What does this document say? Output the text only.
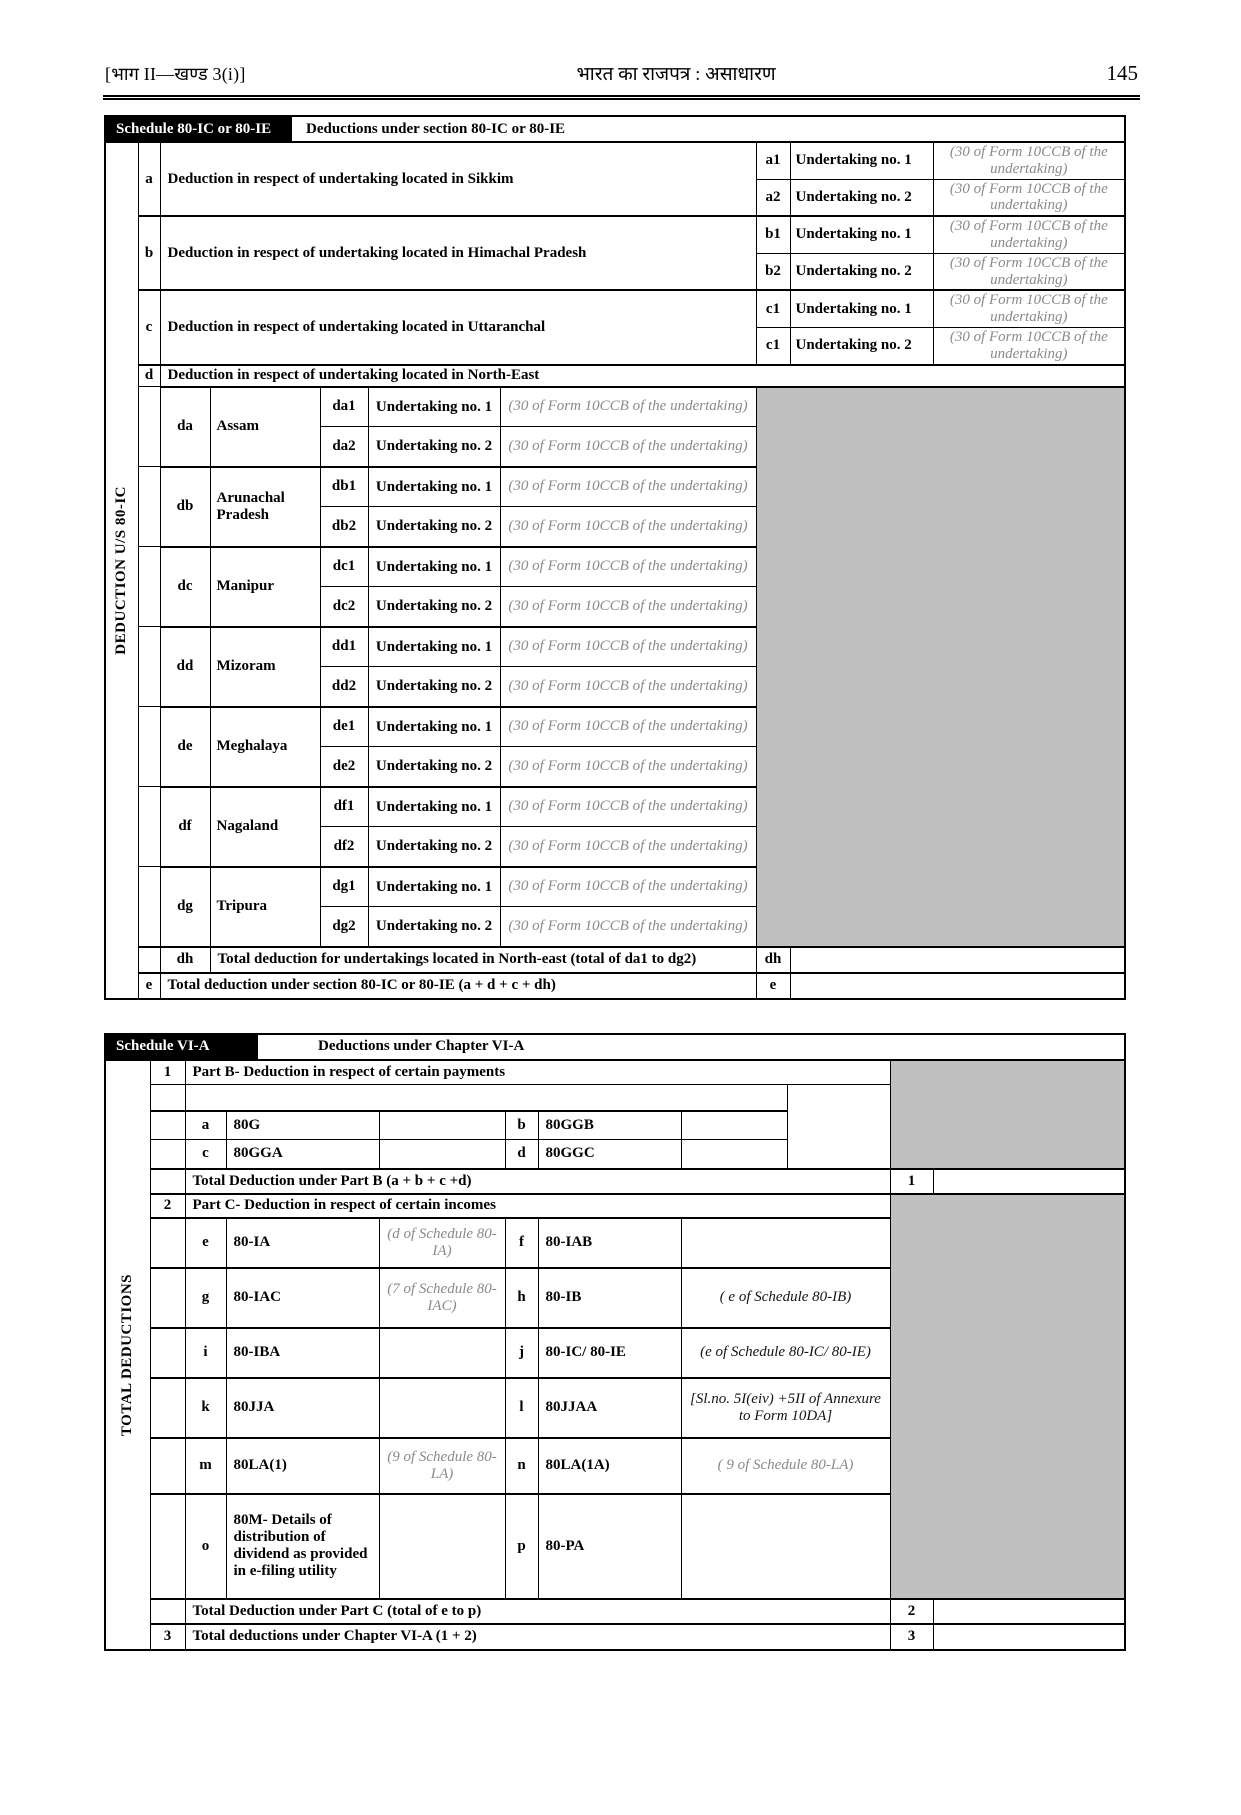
[भाग II—खण्ड 3(i)]	भारत का राजपत्र : असाधारण	145
Schedule 80-IC or 80-IE Deductions under section 80-IC or 80-IE									

DEDUCTION U/S 80-IC	a	Deduction in respect of undertaking located in Sikkim					a1	Undertaking no. 1	(30 of Form 10CCB of the undertaking)
							a2	Undertaking no. 2	(30 of Form 10CCB of the undertaking)
	b	Deduction in respect of undertaking located in Himachal Pradesh					b1	Undertaking no. 1	(30 of Form 10CCB of the undertaking)
							b2	Undertaking no. 2	(30 of Form 10CCB of the undertaking)
	c	Deduction in respect of undertaking located in Uttaranchal					c1	Undertaking no. 1	(30 of Form 10CCB of the undertaking)
							c1	Undertaking no. 2	(30 of Form 10CCB of the undertaking)
	d	Deduction in respect of undertaking located in North-East							
		da	Assam	da1	Undertaking no. 1	(30 of Form 10CCB of the undertaking)			
				da2	Undertaking no. 2	(30 of Form 10CCB of the undertaking)			
		db	Arunachal Pradesh	db1	Undertaking no. 1	(30 of Form 10CCB of the undertaking)			
				db2	Undertaking no. 2	(30 of Form 10CCB of the undertaking)			
		dc	Manipur	dc1	Undertaking no. 1	(30 of Form 10CCB of the undertaking)			
				dc2	Undertaking no. 2	(30 of Form 10CCB of the undertaking)			
		dd	Mizoram	dd1	Undertaking no. 1	(30 of Form 10CCB of the undertaking)			
				dd2	Undertaking no. 2	(30 of Form 10CCB of the undertaking)			
		de	Meghalaya	de1	Undertaking no. 1	(30 of Form 10CCB of the undertaking)			
				de2	Undertaking no. 2	(30 of Form 10CCB of the undertaking)			
		df	Nagaland	df1	Undertaking no. 1	(30 of Form 10CCB of the undertaking)			
				df2	Undertaking no. 2	(30 of Form 10CCB of the undertaking)			
		dg	Tripura	dg1	Undertaking no. 1	(30 of Form 10CCB of the undertaking)			
				dg2	Undertaking no. 2	(30 of Form 10CCB of the undertaking)			
		dh	Total deduction for undertakings located in North-east (total of da1 to dg2)				dh		
	e	Total deduction under section 80-IC or 80-IE (a + d + c + dh)					e		
Schedule VI-A Deductions under Chapter VI-A										

TOTAL DEDUCTIONS	1	Part B- Deduction in respect of certain payments								

		a	80G		b	80GGB				
		c	80GGA		d	80GGC				
		Total Deduction under Part B (a + b + c +d)							1	
	2	Part C- Deduction in respect of certain incomes								
		e	80-IA	(d of Schedule 80-IA)	f	80-IAB				
		g	80-IAC	(7 of Schedule 80-IAC)	h	80-IB	( e of Schedule 80-IB)			
		i	80-IBA		j	80-IC/ 80-IE	(e of Schedule 80-IC/ 80-IE)			
		k	80JJA		l	80JJAA	[Sl.no. 5I(eiv) +5II of Annexure to Form 10DA]			
		m	80LA(1)	(9 of Schedule 80-LA)	n	80LA(1A)	( 9 of Schedule 80-LA)			
		o	80M- Details of distribution of dividend as provided in e-filing utility		p	80-PA				
		Total Deduction under Part C (total of e to p)							2	
	3	Total deductions under Chapter VI-A (1 + 2)							3	
